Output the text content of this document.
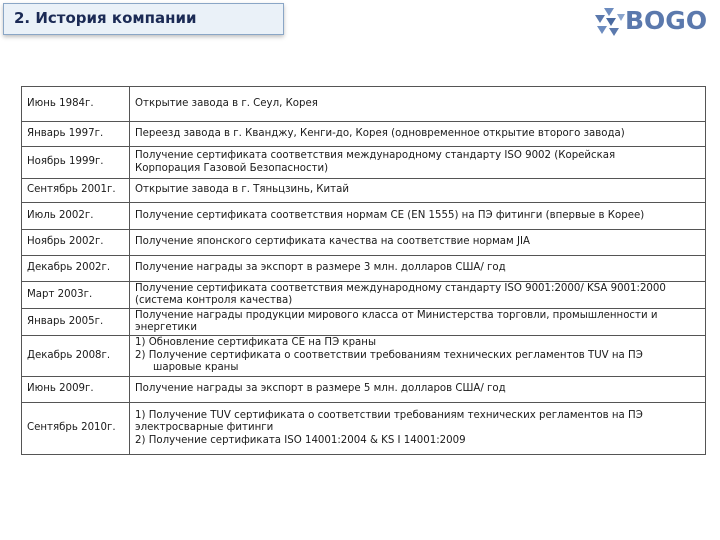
2. История компании	BOGO
Июнь 1984г.	Открытие завода в г. Сеул, Корея
Январь 1997г.	Переезд завода в г. Кванджу, Кенги-до, Корея (одновременное открытие второго завода)
Ноябрь 1999г.	Получение сертификата соответствия международному стандарту ISO 9002 (Корейская
Корпорация Газовой Безопасности)

Сентябрь 2001г.	Открытие завода в г. Тяньцзинь, Китай
Июль 2002г.	Получение сертификата соответствия нормам CE (EN 1555) на ПЭ фитинги (впервые в Корее)
Ноябрь 2002г.	Получение японского сертификата качества на соответствие нормам JIA
Декабрь 2002г.	Получение награды за экспорт в размере 3 млн. долларов США/ год
Март 2003г.	Получение сертификата соответствия международному стандарту ISO 9001:2000/ KSA 9001:2000
(система контроля качества)

Январь 2005г.	Получение награды продукции мирового класса от Министерства торговли, промышленности и
энергетики

Декабрь 2008г.	1) Обновление сертификата CE на ПЭ краны
2) Получение сертификата о соответствии требованиям технических регламентов TUV на ПЭ
шаровые краны

Июнь 2009г.	Получение награды за экспорт в размере 5 млн. долларов США/ год
Сентябрь 2010г.	1) Получение TUV сертификата о соответствии требованиям технических регламентов на ПЭ
электросварные фитинги
2) Получение сертификата ISO 14001:2004 & KS I 14001:2009
